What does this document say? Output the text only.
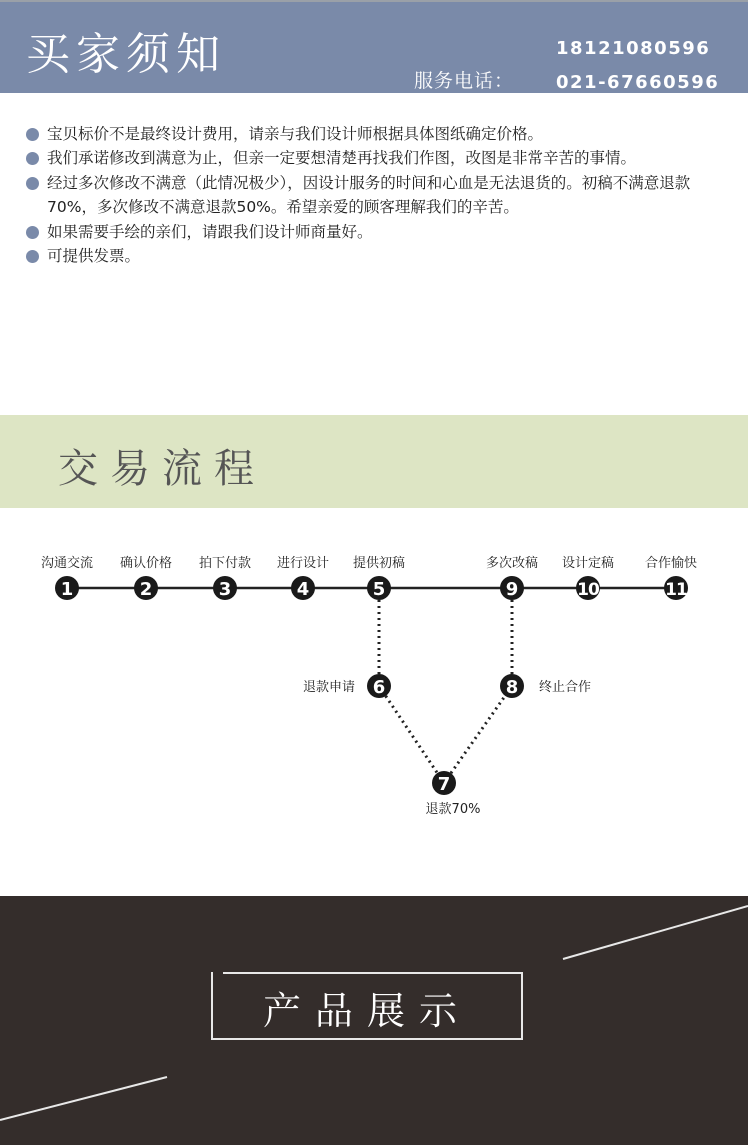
买家须知	18121080596
服务电话： 021-67660596
宝贝标价不是最终设计费用，请亲与我们设计师根据具体图纸确定价格。
我们承诺修改到满意为止，但亲一定要想清楚再找我们作图，改图是非常辛苦的事情。
经过多次修改不满意（此情况极少），因设计服务的时间和心血是无法退货的。初稿不满意退款70%，多次修改不满意退款50%。希望亲爱的顾客理解我们的辛苦。
如果需要手绘的亲们，请跟我们设计师商量好。
可提供发票。
交易流程
1
沟通交流
2
确认价格
3
拍下付款
4
进行设计
5
提供初稿
9
多次改稿
10
设计定稿
11
合作愉快
6
退款申请	8 终止合作
7
退款70%
产品展示
